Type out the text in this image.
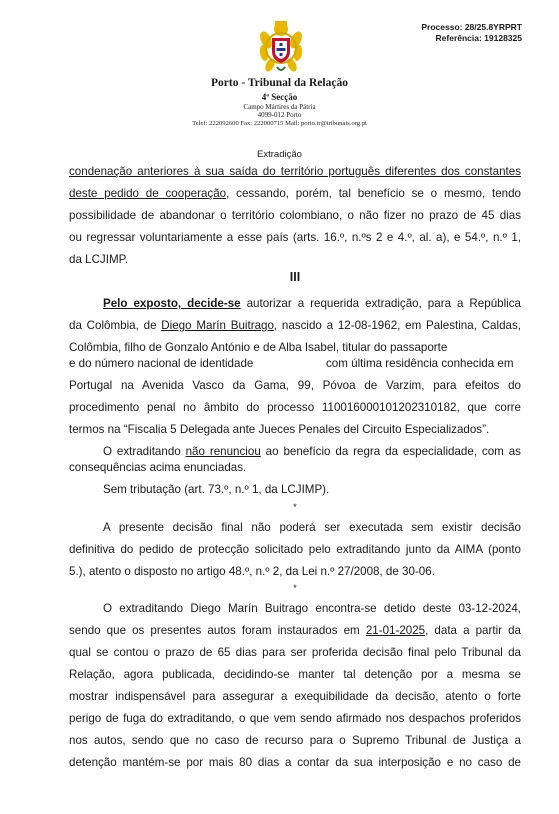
Processo: 28/25.8YRPRT
Referência: 19128325
Porto - Tribunal da Relação
4ª Secção
Campo Mártires da Pátria
4099-012 Porto
Telef: 222092600 Fax: 222000715 Mail: porto.tr@tribunais.org.pt
Extradição
condenação anteriores à sua saída do território português diferentes dos constantes
deste pedido de cooperação, cessando, porém, tal benefício se o mesmo, tendo
possibilidade de abandonar o território colombiano, o não fizer no prazo de 45 dias
ou regressar voluntariamente a esse país (arts. 16.º, n.ºs 2 e 4.º, al. a), e 54.º, n.º 1,
da LCJIMP.
III
Pelo exposto, decide-se autorizar a requerida extradição, para a República
da Colômbia, de Diego Marín Buitrago, nascido a 12-08-1962, em Palestina, Caldas,
Colômbia, filho de Gonzalo António e de Alba Isabel, titular do passaporte
e do número nacional de identidade	com última residência conhecida em
Portugal na Avenida Vasco da Gama, 99, Póvoa de Varzim, para efeitos do
procedimento penal no âmbito do processo 110016000101202310182, que corre
termos na “Fiscalia 5 Delegada ante Jueces Penales del Circuito Especializados”.
O extraditando não renunciou ao benefício da regra da especialidade, com as
consequências acima enunciadas.
Sem tributação (art. 73.º, n.º 1, da LCJIMP).
*
A presente decisão final não poderá ser executada sem existir decisão
definitiva do pedido de protecção solicitado pelo extraditando junto da AIMA (ponto
5.), atento o disposto no artigo 48.º, n.º 2, da Lei n.º 27/2008, de 30-06.
*
O extraditando Diego Marín Buitrago encontra-se detido deste 03-12-2024,
sendo que os presentes autos foram instaurados em 21-01-2025, data a partir da
qual se contou o prazo de 65 dias para ser proferida decisão final pelo Tribunal da
Relação, agora publicada, decidindo-se manter tal detenção por a mesma se
mostrar indispensável para assegurar a exequibilidade da decisão, atento o forte
perigo de fuga do extraditando, o que vem sendo afirmado nos despachos proferidos
nos autos, sendo que no caso de recurso para o Supremo Tribunal de Justiça a
detenção mantém-se por mais 80 dias a contar da sua interposição e no caso de
